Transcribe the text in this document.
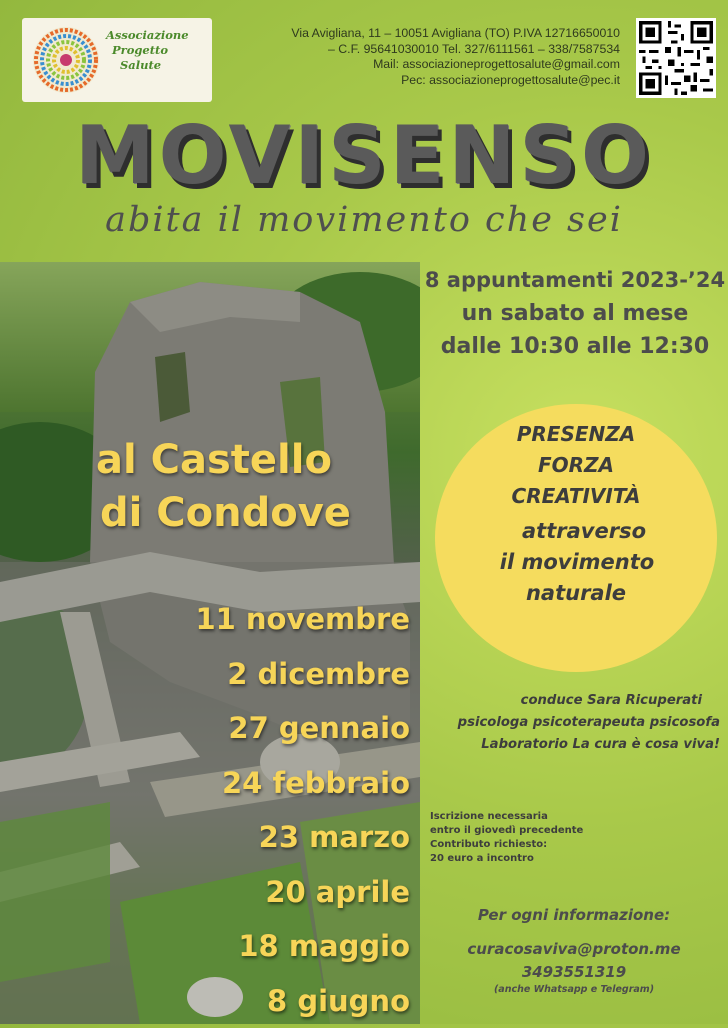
Associazione
Progetto
Salute
Via Avigliana, 11 – 10051 Avigliana (TO) P.IVA 12716650010
– C.F. 95641030010 Tel. 327/6111561 – 338/7587534
Mail: associazioneprogettosalute@gmail.com
Pec: associazioneprogettosalute@pec.it
MOVISENSO
abita il movimento che sei
8 appuntamenti 2023-’24
un sabato al mese
dalle 10:30 alle 12:30
PRESENZA
FORZA
CREATIVITÀ
attraverso
il movimento
naturale
conduce Sara Ricuperati
psicologa psicoterapeuta psicosofa
Laboratorio La cura è cosa viva!
Iscrizione necessaria
entro il giovedì precedente
Contributo richiesto:
20 euro a incontro
Per ogni informazione:
curacosaviva@proton.me
3493551319
(anche Whatsapp e Telegram)
al Castello
di Condove
11 novembre
2 dicembre
27 gennaio
24 febbraio
23 marzo
20 aprile
18 maggio
8 giugno
